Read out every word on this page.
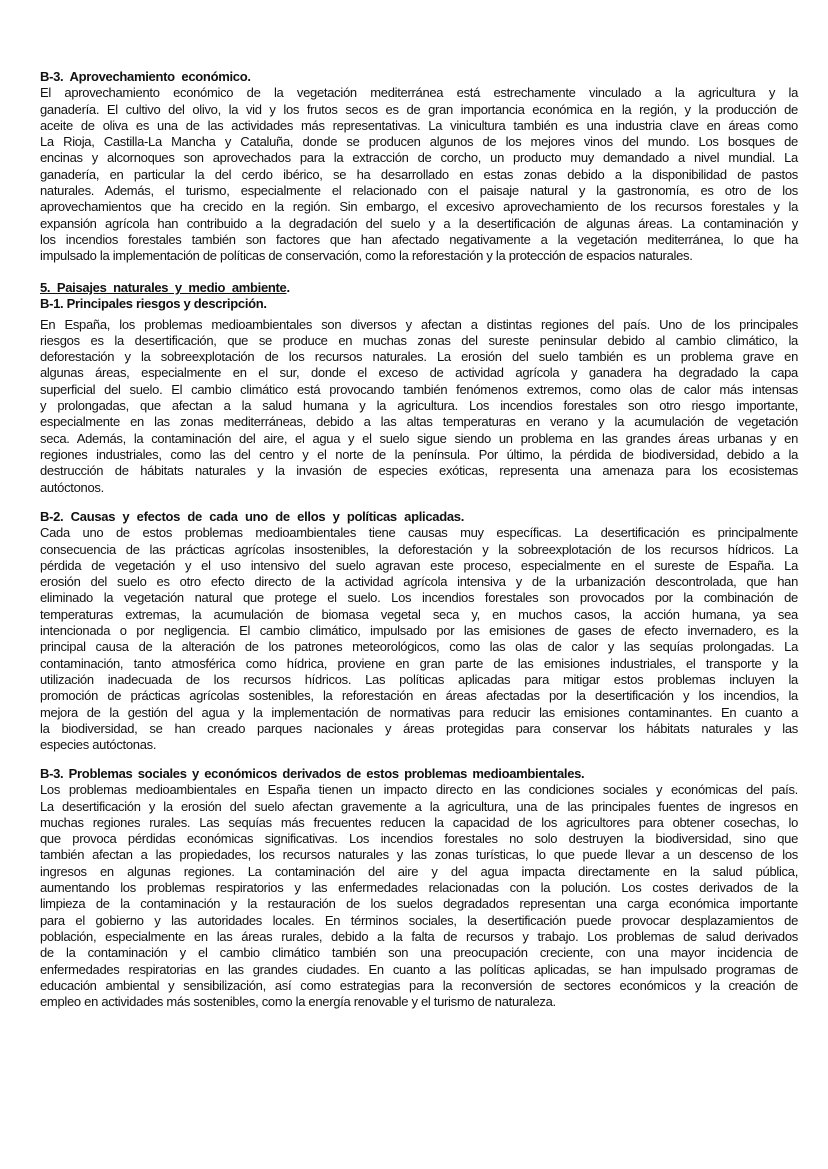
B-3.  Aprovechamiento  económico.
El aprovechamiento económico de la vegetación mediterránea está estrechamente vinculado a la agricultura y la
ganadería. El cultivo del olivo, la vid y los frutos secos es de gran importancia económica en la región, y la producción de
aceite de oliva es una de las actividades más representativas. La vinicultura también es una industria clave en áreas como
La Rioja, Castilla-La Mancha y Cataluña, donde se producen algunos de los mejores vinos del mundo. Los bosques de
encinas y alcornoques son aprovechados para la extracción de corcho, un producto muy demandado a nivel mundial. La
ganadería, en particular la del cerdo ibérico, se ha desarrollado en estas zonas debido a la disponibilidad de pastos
naturales. Además, el turismo, especialmente el relacionado con el paisaje natural y la gastronomía, es otro de los
aprovechamientos que ha crecido en la región. Sin embargo, el excesivo aprovechamiento de los recursos forestales y la
expansión agrícola han contribuido a la degradación del suelo y a la desertificación de algunas áreas. La contaminación y
los incendios forestales también son factores que han afectado negativamente a la vegetación mediterránea, lo que ha
impulsado la implementación de políticas de conservación, como la reforestación y la protección de espacios naturales.
5.  Paisajes  naturales  y  medio  ambiente.
B-1. Principales riesgos y descripción.
En España, los problemas medioambientales son diversos y afectan a distintas regiones del país. Uno de los principales
riesgos es la desertificación, que se produce en muchas zonas del sureste peninsular debido al cambio climático, la
deforestación y la sobreexplotación de los recursos naturales. La erosión del suelo también es un problema grave en
algunas áreas, especialmente en el sur, donde el exceso de actividad agrícola y ganadera ha degradado la capa
superficial del suelo. El cambio climático está provocando también fenómenos extremos, como olas de calor más intensas
y prolongadas, que afectan a la salud humana y la agricultura. Los incendios forestales son otro riesgo importante,
especialmente en las zonas mediterráneas, debido a las altas temperaturas en verano y la acumulación de vegetación
seca. Además, la contaminación del aire, el agua y el suelo sigue siendo un problema en las grandes áreas urbanas y en
regiones industriales, como las del centro y el norte de la península. Por último, la pérdida de biodiversidad, debido a la
destrucción de hábitats naturales y la invasión de especies exóticas, representa una amenaza para los ecosistemas
autóctonos.
B-2. Causas y efectos de cada uno de ellos y políticas aplicadas.
Cada uno de estos problemas medioambientales tiene causas muy específicas. La desertificación es principalmente
consecuencia de las prácticas agrícolas insostenibles, la deforestación y la sobreexplotación de los recursos hídricos. La
pérdida de vegetación y el uso intensivo del suelo agravan este proceso, especialmente en el sureste de España. La
erosión del suelo es otro efecto directo de la actividad agrícola intensiva y de la urbanización descontrolada, que han
eliminado la vegetación natural que protege el suelo. Los incendios forestales son provocados por la combinación de
temperaturas extremas, la acumulación de biomasa vegetal seca y, en muchos casos, la acción humana, ya sea
intencionada o por negligencia. El cambio climático, impulsado por las emisiones de gases de efecto invernadero, es la
principal causa de la alteración de los patrones meteorológicos, como las olas de calor y las sequías prolongadas. La
contaminación, tanto atmosférica como hídrica, proviene en gran parte de las emisiones industriales, el transporte y la
utilización inadecuada de los recursos hídricos. Las políticas aplicadas para mitigar estos problemas incluyen la
promoción de prácticas agrícolas sostenibles, la reforestación en áreas afectadas por la desertificación y los incendios, la
mejora de la gestión del agua y la implementación de normativas para reducir las emisiones contaminantes. En cuanto a
la biodiversidad, se han creado parques nacionales y áreas protegidas para conservar los hábitats naturales y las
especies autóctonas.
B-3. Problemas sociales y económicos derivados de estos problemas medioambientales.
Los problemas medioambientales en España tienen un impacto directo en las condiciones sociales y económicas del país.
La desertificación y la erosión del suelo afectan gravemente a la agricultura, una de las principales fuentes de ingresos en
muchas regiones rurales. Las sequías más frecuentes reducen la capacidad de los agricultores para obtener cosechas, lo
que provoca pérdidas económicas significativas. Los incendios forestales no solo destruyen la biodiversidad, sino que
también afectan a las propiedades, los recursos naturales y las zonas turísticas, lo que puede llevar a un descenso de los
ingresos en algunas regiones. La contaminación del aire y del agua impacta directamente en la salud pública,
aumentando los problemas respiratorios y las enfermedades relacionadas con la polución. Los costes derivados de la
limpieza de la contaminación y la restauración de los suelos degradados representan una carga económica importante
para el gobierno y las autoridades locales. En términos sociales, la desertificación puede provocar desplazamientos de
población, especialmente en las áreas rurales, debido a la falta de recursos y trabajo. Los problemas de salud derivados
de la contaminación y el cambio climático también son una preocupación creciente, con una mayor incidencia de
enfermedades respiratorias en las grandes ciudades. En cuanto a las políticas aplicadas, se han impulsado programas de
educación ambiental y sensibilización, así como estrategias para la reconversión de sectores económicos y la creación de
empleo en actividades más sostenibles, como la energía renovable y el turismo de naturaleza.
